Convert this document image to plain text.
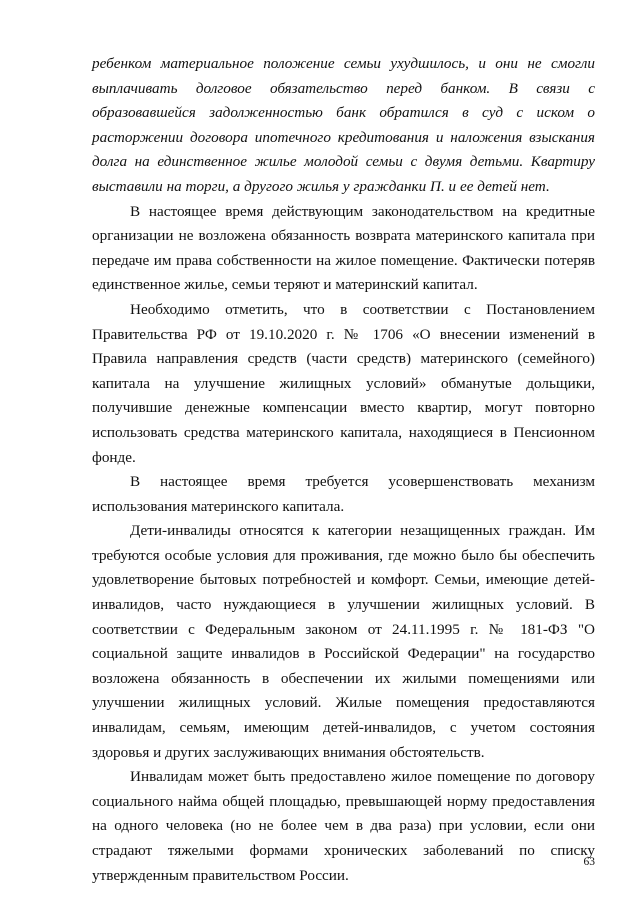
ребенком материальное положение семьи ухудшилось, и они не смогли выплачивать долговое обязательство перед банком. В связи с образовавшейся задолженностью банк обратился в суд с иском о расторжении договора ипотечного кредитования и наложения взыскания долга на единственное жилье молодой семьи с двумя детьми. Квартиру выставили на торги, а другого жилья у гражданки П. и ее детей нет.

В настоящее время действующим законодательством на кредитные организации не возложена обязанность возврата материнского капитала при передаче им права собственности на жилое помещение. Фактически потеряв единственное жилье, семьи теряют и материнский капитал.

Необходимо отметить, что в соответствии с Постановлением Правительства РФ от 19.10.2020 г. № 1706 «О внесении изменений в Правила направления средств (части средств) материнского (семейного) капитала на улучшение жилищных условий» обманутые дольщики, получившие денежные компенсации вместо квартир, могут повторно использовать средства материнского капитала, находящиеся в Пенсионном фонде.

В настоящее время требуется усовершенствовать механизм использования материнского капитала.

Дети-инвалиды относятся к категории незащищенных граждан. Им требуются особые условия для проживания, где можно было бы обеспечить удовлетворение бытовых потребностей и комфорт. Семьи, имеющие детей-инвалидов, часто нуждающиеся в улучшении жилищных условий. В соответствии с Федеральным законом от 24.11.1995 г. № 181-ФЗ "О социальной защите инвалидов в Российской Федерации" на государство возложена обязанность в обеспечении их жилыми помещениями или улучшении жилищных условий. Жилые помещения предоставляются инвалидам, семьям, имеющим детей-инвалидов, с учетом состояния здоровья и других заслуживающих внимания обстоятельств.

Инвалидам может быть предоставлено жилое помещение по договору социального найма общей площадью, превышающей норму предоставления на одного человека (но не более чем в два раза) при условии, если они страдают тяжелыми формами хронических заболеваний по списку утвержденным правительством России.

63
